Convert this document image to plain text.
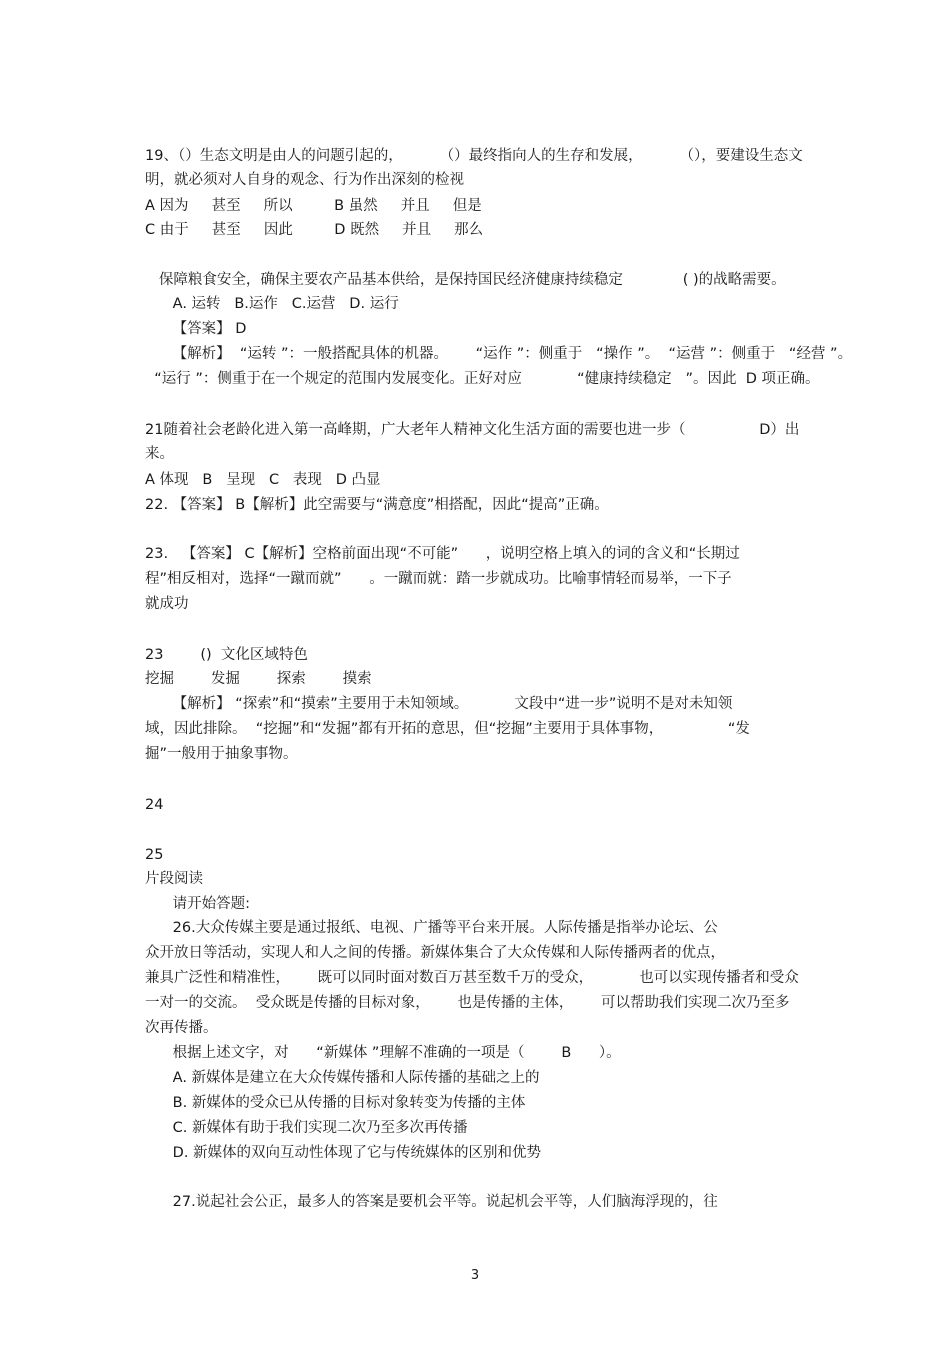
19、（）生态文明是由人的问题引起的，        （）最终指向人的生存和发展，        （），要建设生态文
明，就必须对人自身的观念、行为作出深刻的检视
A 因为     甚至     所以         B 虽然     并且     但是
C 由于     甚至     因此         D 既然     并且     那么
保障粮食安全，确保主要农产品基本供给，是保持国民经济健康持续稳定             ( )的战略需要。
A. 运转   B.运作   C.运营   D. 运行
【答案】 D
【解析】  “运转 ”：一般搭配具体的机器。      “运作 ”：侧重于   “操作 ”。  “运营 ”：侧重于   “经营 ”。
“运行 ”：侧重于在一个规定的范围内发展变化。正好对应            “健康持续稳定   ”。因此  D 项正确。
21随着社会老龄化进入第一高峰期，广大老年人精神文化生活方面的需要也进一步（                D）出
来。
A 体现   B   呈现   C   表现   D 凸显
22. 【答案】 B【解析】此空需要与“满意度”相搭配，因此“提高”正确。
23.   【答案】 C【解析】空格前面出现“不可能”      ，说明空格上填入的词的含义和“长期过
程”相反相对，选择“一蹴而就”      。一蹴而就：踏一步就成功。比喻事情轻而易举，一下子
就成功
23        ()  文化区域特色
挖掘        发掘        探索        摸索
【解析】 “探索”和“摸索”主要用于未知领域。          文段中“进一步”说明不是对未知领
域，因此排除。  “挖掘”和“发掘”都有开拓的意思，但“挖掘”主要用于具体事物，              “发
掘”一般用于抽象事物。
24
25
片段阅读
请开始答题:
26.大众传媒主要是通过报纸、电视、广播等平台来开展。人际传播是指举办论坛、公
众开放日等活动，实现人和人之间的传播。新媒体集合了大众传媒和人际传播两者的优点，
兼具广泛性和精准性，      既可以同时面对数百万甚至数千万的受众，          也可以实现传播者和受众
一对一的交流。  受众既是传播的目标对象，      也是传播的主体，      可以帮助我们实现二次乃至多
次再传播。
根据上述文字，对      “新媒体 ”理解不准确的一项是（        B      ）。
A. 新媒体是建立在大众传媒传播和人际传播的基础之上的
B. 新媒体的受众已从传播的目标对象转变为传播的主体
C. 新媒体有助于我们实现二次乃至多次再传播
D. 新媒体的双向互动性体现了它与传统媒体的区别和优势
27.说起社会公正，最多人的答案是要机会平等。说起机会平等，人们脑海浮现的，往
3
